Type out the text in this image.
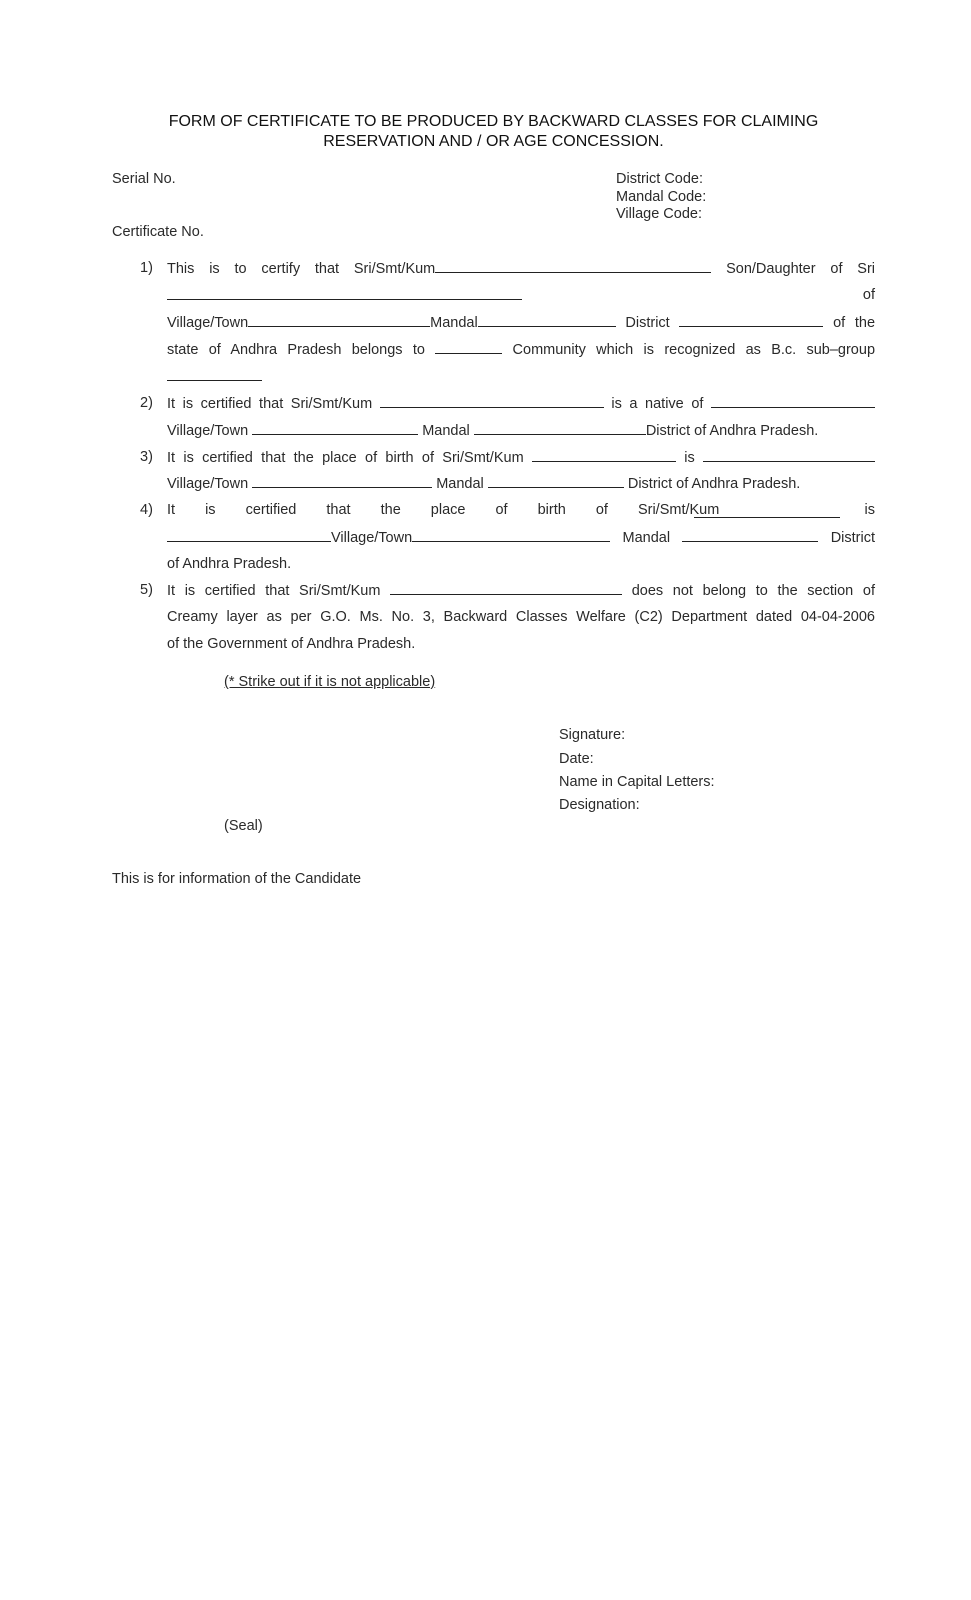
FORM OF CERTIFICATE TO BE PRODUCED BY BACKWARD CLASSES FOR CLAIMING
RESERVATION AND / OR AGE CONCESSION.
Serial No.
Certificate No.
District Code:
Mandal Code:
Village Code:
1) This is to certify that Sri/Smt/Kum	Son/Daughter of Sri
of
Village/Town	Mandal	District	of the
state of Andhra Pradesh belongs to	Community which is recognized as B.c. sub–group
2) It is certified that Sri/Smt/Kum	is a native of
Village/Town	Mandal	District of Andhra Pradesh.
3) It is certified that the place of birth of Sri/Smt/Kum	is
Village/Town	Mandal	District of Andhra Pradesh.
4) It is certified that the place of birth of Sri/Smt/Kum	is
Village/Town	Mandal	District
of Andhra Pradesh.
5) It is certified that Sri/Smt/Kum	does not belong to the section of
Creamy layer as per G.O. Ms. No. 3, Backward Classes Welfare (C2) Department dated 04-04-2006
of the Government of Andhra Pradesh.
(* Strike out if it is not applicable)
Signature:
Date:
Name in Capital Letters:
Designation:
(Seal)
This is for information of the Candidate
